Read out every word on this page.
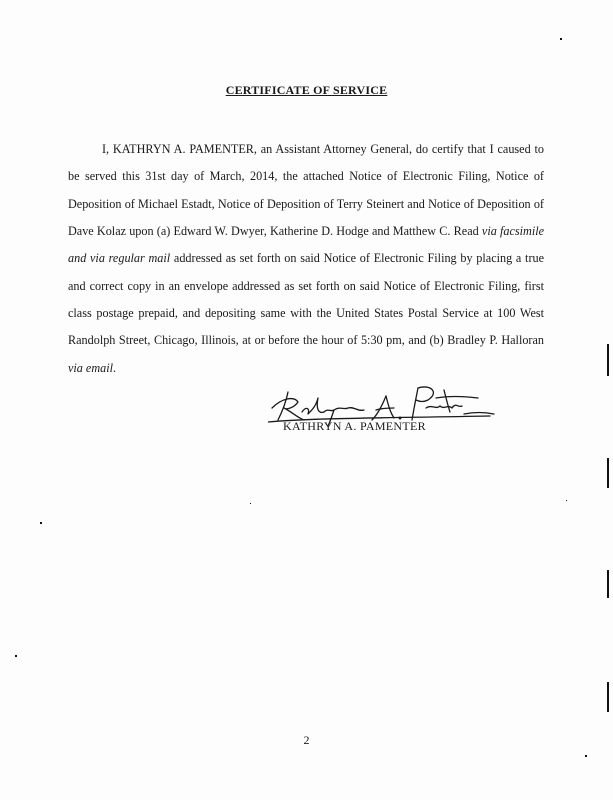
CERTIFICATE OF SERVICE

I, KATHRYN A. PAMENTER, an Assistant Attorney General, do certify that I caused to be served this 31st day of March, 2014, the attached Notice of Electronic Filing, Notice of Deposition of Michael Estadt, Notice of Deposition of Terry Steinert and Notice of Deposition of Dave Kolaz upon (a) Edward W. Dwyer, Katherine D. Hodge and Matthew C. Read via facsimile and via regular mail addressed as set forth on said Notice of Electronic Filing by placing a true and correct copy in an envelope addressed as set forth on said Notice of Electronic Filing, first class postage prepaid, and depositing same with the United States Postal Service at 100 West Randolph Street, Chicago, Illinois, at or before the hour of 5:30 pm, and (b) Bradley P. Halloran via email.

KATHRYN A. PAMENTER
2
